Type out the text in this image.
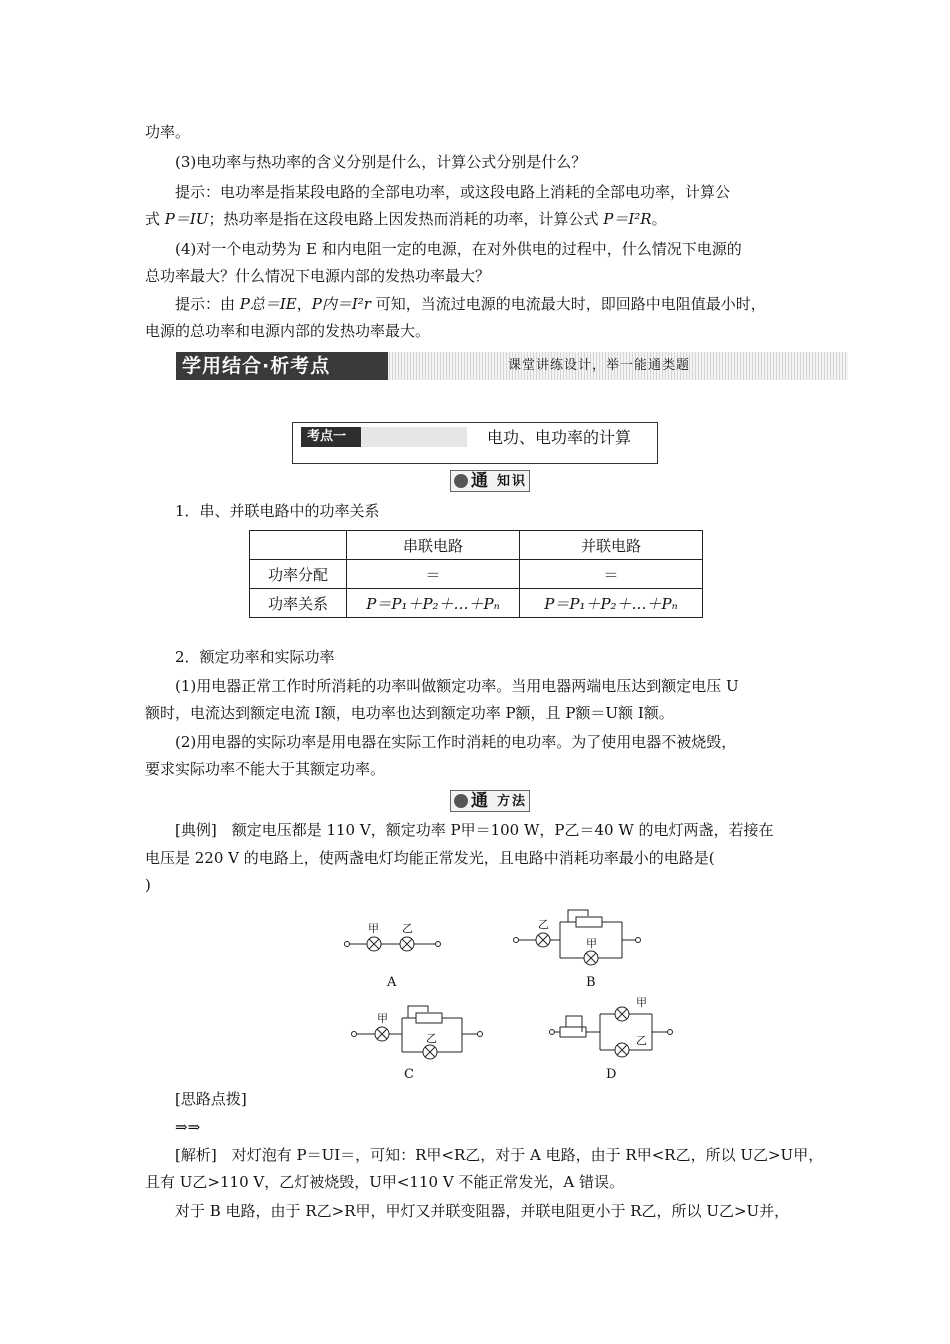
功率。
(3)电功率与热功率的含义分别是什么，计算公式分别是什么？
提示：电功率是指某段电路的全部电功率，或这段电路上消耗的全部电功率，计算公
式 P＝IU；热功率是指在这段电路上因发热而消耗的功率，计算公式 P＝I²R。
(4)对一个电动势为 E 和内电阻一定的电源，在对外供电的过程中，什么情况下电源的
总功率最大？什么情况下电源内部的发热功率最大？
提示：由 P总＝IE，P内＝I²r 可知，当流过电源的电流最大时，即回路中电阻值最小时，
电源的总功率和电源内部的发热功率最大。
学用结合·析考点	课堂讲练设计，举一能通类题
考点一	电功、电功率的计算
通 知识
1．串、并联电路中的功率关系
	串联电路	并联电路
功率分配	＝	＝
功率关系	P＝P₁＋P₂＋…＋Pₙ	P＝P₁＋P₂＋…＋Pₙ
2．额定功率和实际功率
(1)用电器正常工作时所消耗的功率叫做额定功率。当用电器两端电压达到额定电压 U
额时，电流达到额定电流 I额，电功率也达到额定功率 P额，且 P额＝U额 I额。
(2)用电器的实际功率是用电器在实际工作时消耗的电功率。为了使用电器不被烧毁，
要求实际功率不能大于其额定功率。
通 方法
[典例]　额定电压都是 110 V，额定功率 P甲＝100 W，P乙＝40 W 的电灯两盏，若接在
电压是 220 V 的电路上，使两盏电灯均能正常发光，且电路中消耗功率最小的电路是(
)
甲 乙
A
乙
甲
B
甲
乙
C
甲
乙
D
[思路点拨]
⇒⇒
[解析]　对灯泡有 P＝UI＝，可知：R甲<R乙，对于 A 电路，由于 R甲<R乙，所以 U乙>U甲，
且有 U乙>110 V，乙灯被烧毁，U甲<110 V 不能正常发光，A 错误。
对于 B 电路，由于 R乙>R甲，甲灯又并联变阻器，并联电阻更小于 R乙，所以 U乙>U并，
